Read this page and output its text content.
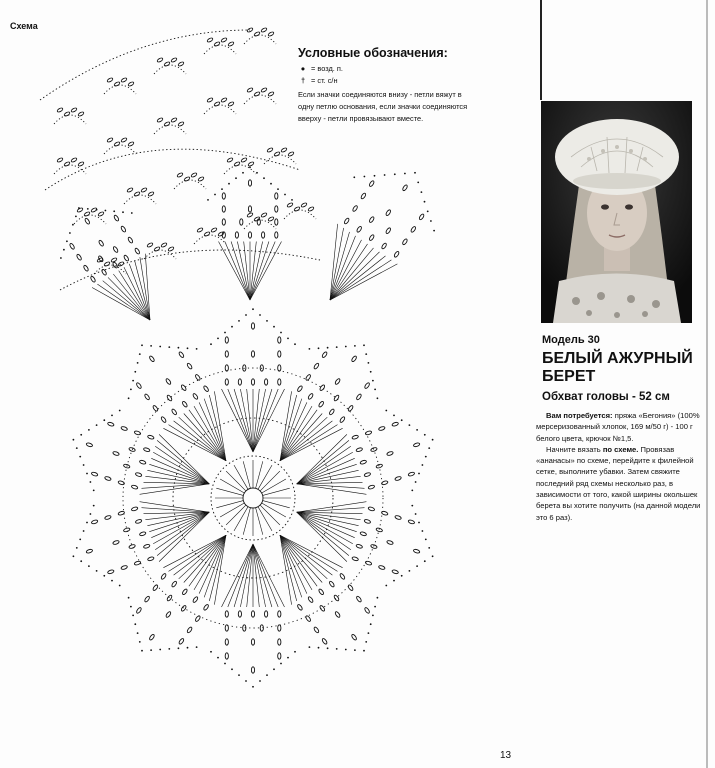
Схема
Условные обозначения:
● = возд. п.
† = ст. с/н
Если значки соединяются внизу - петли вяжут в одну петлю основания, если значки соединяются вверху - петли провязывают вместе.
Модель 30
БЕЛЫЙ АЖУРНЫЙ
БЕРЕТ
Обхват головы - 52 см

Вам потребуется: пряжа «Бегония» (100% мерсеризованный хлопок, 169 м/50 г) - 100 г белого цвета, крючок №1,5.

Начните вязать по схеме. Провязав «ананасы» по схеме, перейдите к филейной сетке, выполните убавки. Затем свяжите последний ряд схемы несколько раз, в зависимости от того, какой ширины окольшек берета вы хотите получить (на данной модели это 6 раз).

13
